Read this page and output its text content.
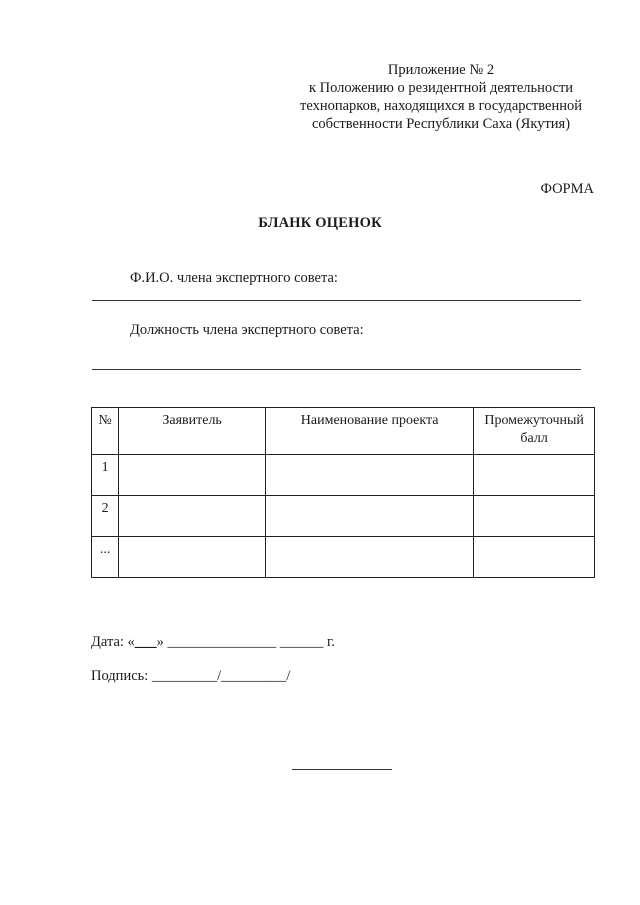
Приложение № 2
к Положению о резидентной деятельности
технопарков, находящихся в государственной
собственности Республики Саха (Якутия)
ФОРМА
БЛАНК ОЦЕНОК
Ф.И.О. члена экспертного совета:
Должность члена экспертного совета:
№	Заявитель	Наименование проекта	Промежуточный балл
1			
2			
...			
Дата: «___» _______________ ______ г.
Подпись: _________/_________/
